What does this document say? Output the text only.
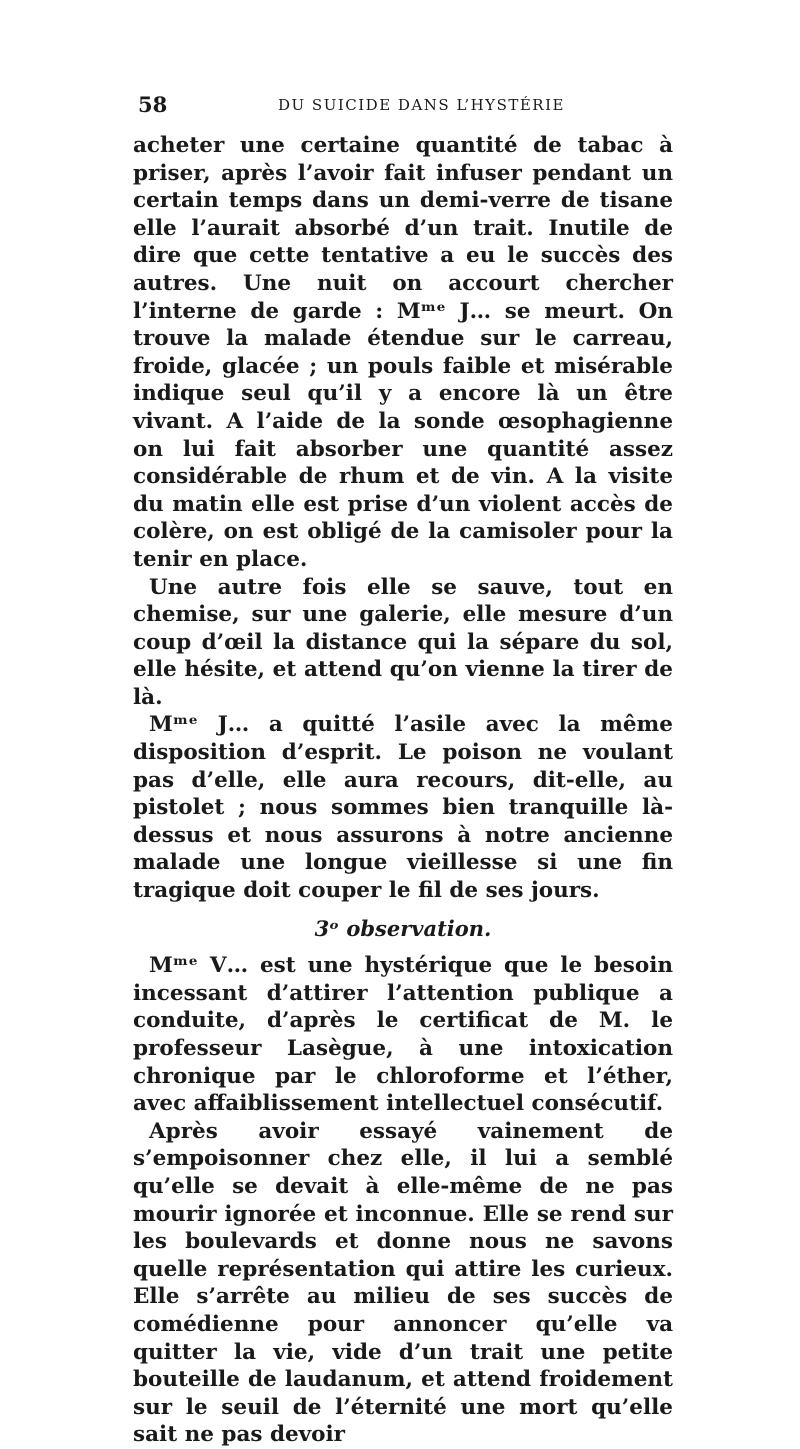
58	DU SUICIDE DANS L’HYSTÉRIE

acheter une certaine quantité de tabac à priser, après l’avoir fait infuser pendant un certain temps dans un demi-verre de tisane elle l’aurait absorbé d’un trait. Inutile de dire que cette tentative a eu le succès des autres. Une nuit on accourt chercher l’interne de garde : Mᵐᵉ J… se meurt. On trouve la malade étendue sur le carreau, froide, glacée ; un pouls faible et misérable indique seul qu’il y a encore là un être vivant. A l’aide de la sonde œsophagienne on lui fait absorber une quantité assez considérable de rhum et de vin. A la visite du matin elle est prise d’un violent accès de colère, on est obligé de la camisoler pour la tenir en place.

Une autre fois elle se sauve, tout en chemise, sur une galerie, elle mesure d’un coup d’œil la distance qui la sépare du sol, elle hésite, et attend qu’on vienne la tirer de là.

Mᵐᵉ J… a quitté l’asile avec la même disposition d’esprit. Le poison ne voulant pas d’elle, elle aura recours, dit-elle, au pistolet ; nous sommes bien tranquille là-dessus et nous assurons à notre ancienne malade une longue vieillesse si une fin tragique doit couper le fil de ses jours.

3ᵒ observation.

Mᵐᵉ V… est une hystérique que le besoin incessant d’attirer l’attention publique a conduite, d’après le certificat de M. le professeur Lasègue, à une intoxication chronique par le chloroforme et l’éther, avec affaiblissement intellectuel consécutif.

Après avoir essayé vainement de s’empoisonner chez elle, il lui a semblé qu’elle se devait à elle-même de ne pas mourir ignorée et inconnue. Elle se rend sur les boulevards et donne nous ne savons quelle représentation qui attire les curieux. Elle s’arrête au milieu de ses succès de comédienne pour annoncer qu’elle va quitter la vie, vide d’un trait une petite bouteille de laudanum, et attend froidement sur le seuil de l’éternité une mort qu’elle sait ne pas devoir
